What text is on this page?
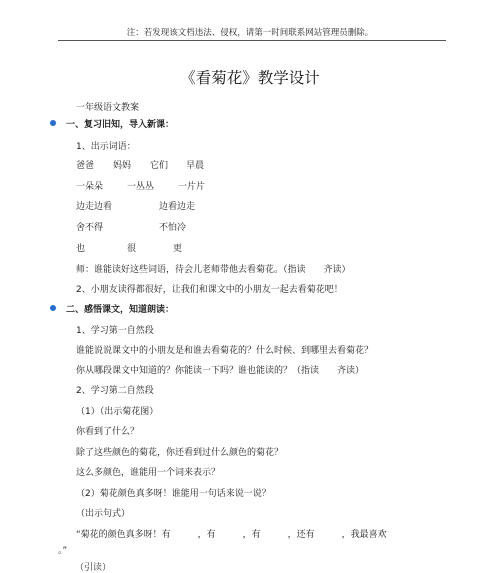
注：若发现该文档违法、侵权，请第一时间联系网站管理员删除。
《看菊花》教学设计
一年级语文教案
一、复习旧知，导入新课：
1、出示词语：
爸爸 妈妈 它们 早晨
一朵朵	一丛丛	一片片
边走边看	边看边走
舍不得	不怕冷
也	很	更
师：谁能读好这些词语，待会儿老师带他去看菊花。（指读　　齐读）
2、小朋友读得都很好，让我们和课文中的小朋友一起去看菊花吧！
二、感悟课文，知道朗读：
1、学习第一自然段
谁能说说课文中的小朋友是和谁去看菊花的？什么时候、到哪里去看菊花？
你从哪段课文中知道的？你能读一下吗？谁也能读的？（指读　　齐读）
2、学习第二自然段
（1）（出示菊花图）
你看到了什么？
除了这些颜色的菊花，你还看到过什么颜色的菊花？
这么多颜色，谁能用一个词来表示？
（2）菊花颜色真多呀！谁能用一句话来说一说？
（出示句式）
“菊花的颜色真多呀！有　　　，有　　　，有　　　，还有　　　，我最喜欢
。”
（引读）
